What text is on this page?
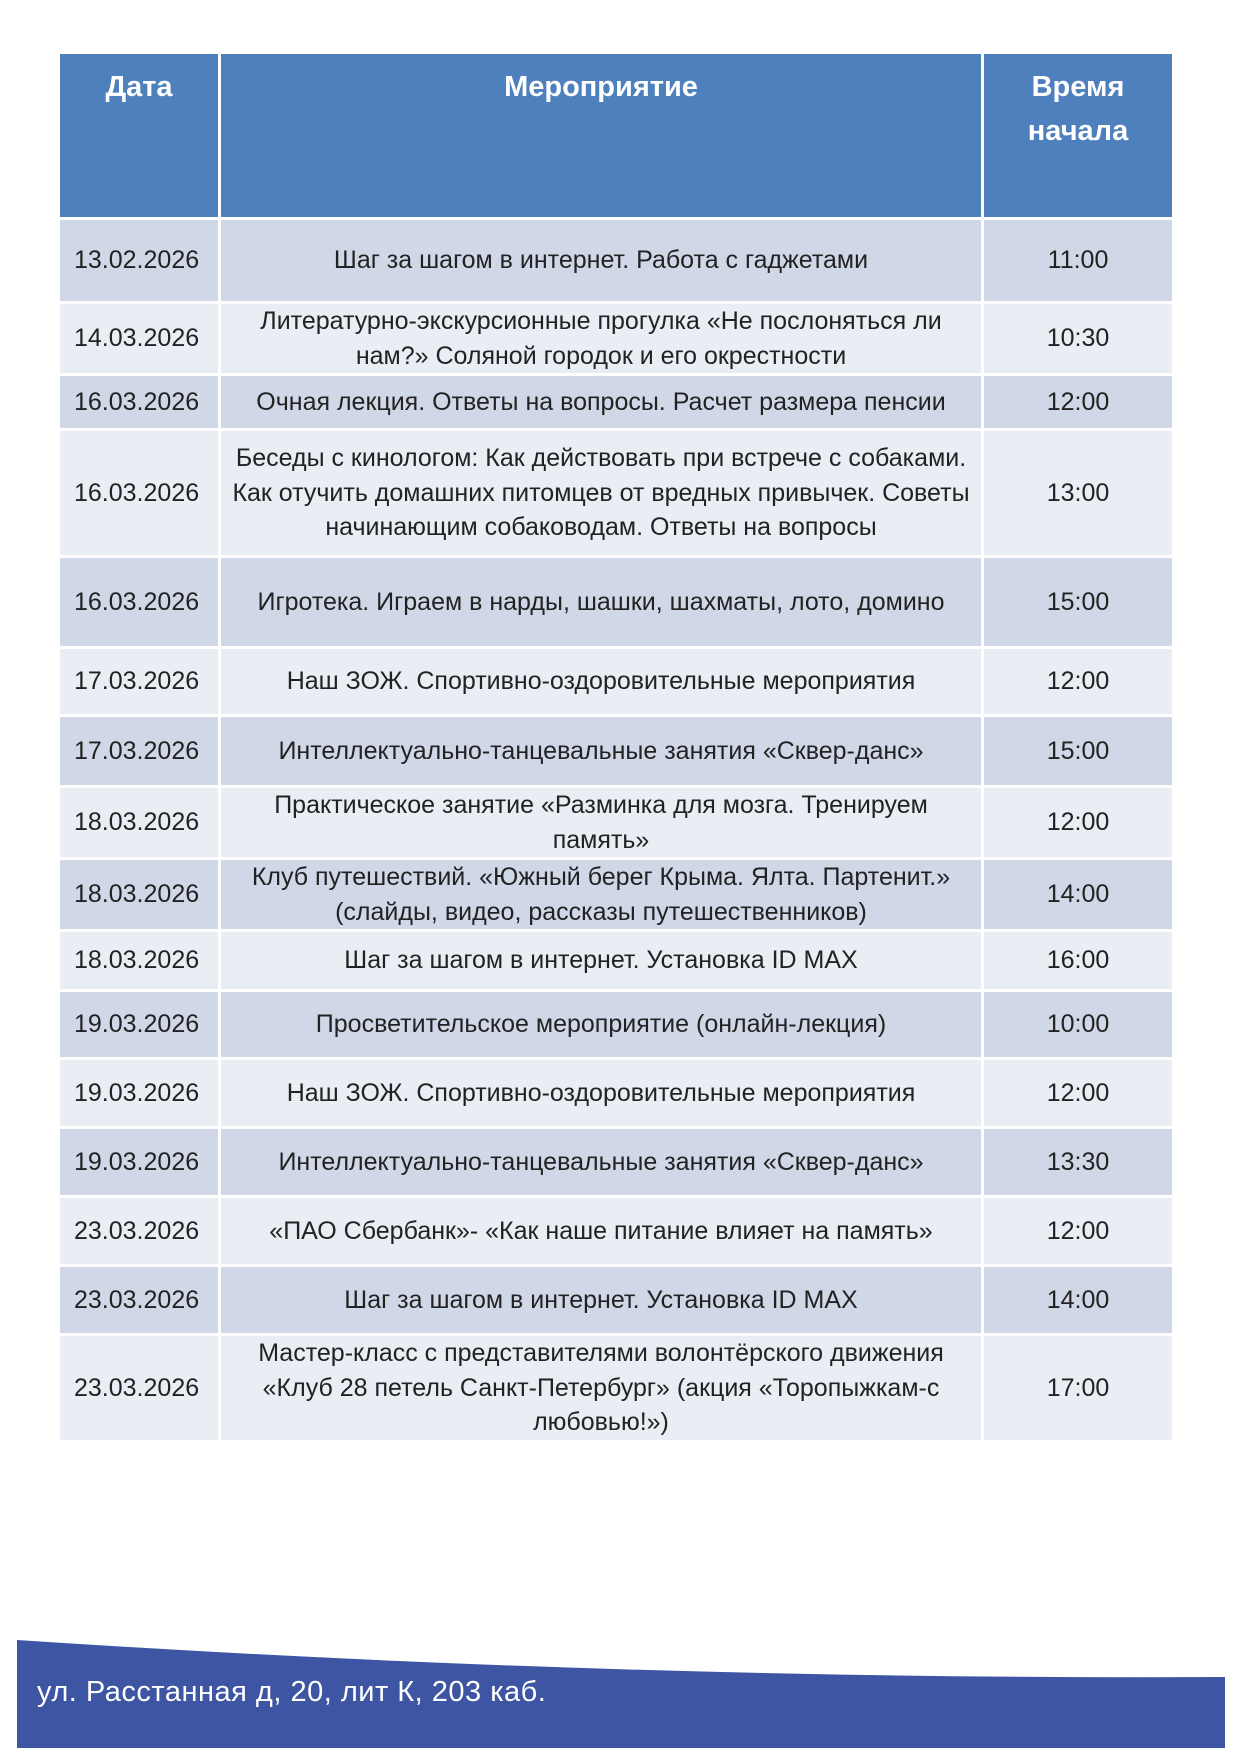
Дата	Мероприятие	Время
начала
13.02.2026	Шаг за шагом в интернет. Работа с гаджетами	11:00
14.03.2026	Литературно-экскурсионные прогулка «Не послоняться ли нам?» Соляной городок и его окрестности	10:30
16.03.2026	Очная лекция. Ответы на вопросы. Расчет размера пенсии	12:00
16.03.2026	Беседы с кинологом: Как действовать при встрече с собаками. Как отучить домашних питомцев от вредных привычек. Советы начинающим собаководам. Ответы на вопросы	13:00
16.03.2026	Игротека. Играем в нарды, шашки, шахматы, лото, домино	15:00
17.03.2026	Наш ЗОЖ. Спортивно-оздоровительные мероприятия	12:00
17.03.2026	Интеллектуально-танцевальные занятия «Сквер-данс»	15:00
18.03.2026	Практическое занятие «Разминка для мозга. Тренируем память»	12:00
18.03.2026	Клуб путешествий. «Южный берег Крыма. Ялта. Партенит.» (слайды, видео, рассказы путешественников)	14:00
18.03.2026	Шаг за шагом в интернет. Установка ID MAX	16:00
19.03.2026	Просветительское мероприятие (онлайн-лекция)	10:00
19.03.2026	Наш ЗОЖ. Спортивно-оздоровительные мероприятия	12:00
19.03.2026	Интеллектуально-танцевальные занятия «Сквер-данс»	13:30
23.03.2026	«ПАО Сбербанк»- «Как наше питание влияет на память»	12:00
23.03.2026	Шаг за шагом в интернет. Установка ID MAX	14:00
23.03.2026	Мастер-класс с представителями волонтёрского движения «Клуб 28 петель Санкт-Петербург» (акция «Торопыжкам-с любовью!»)	17:00
ул. Расстанная д, 20, лит К, 203 каб.
